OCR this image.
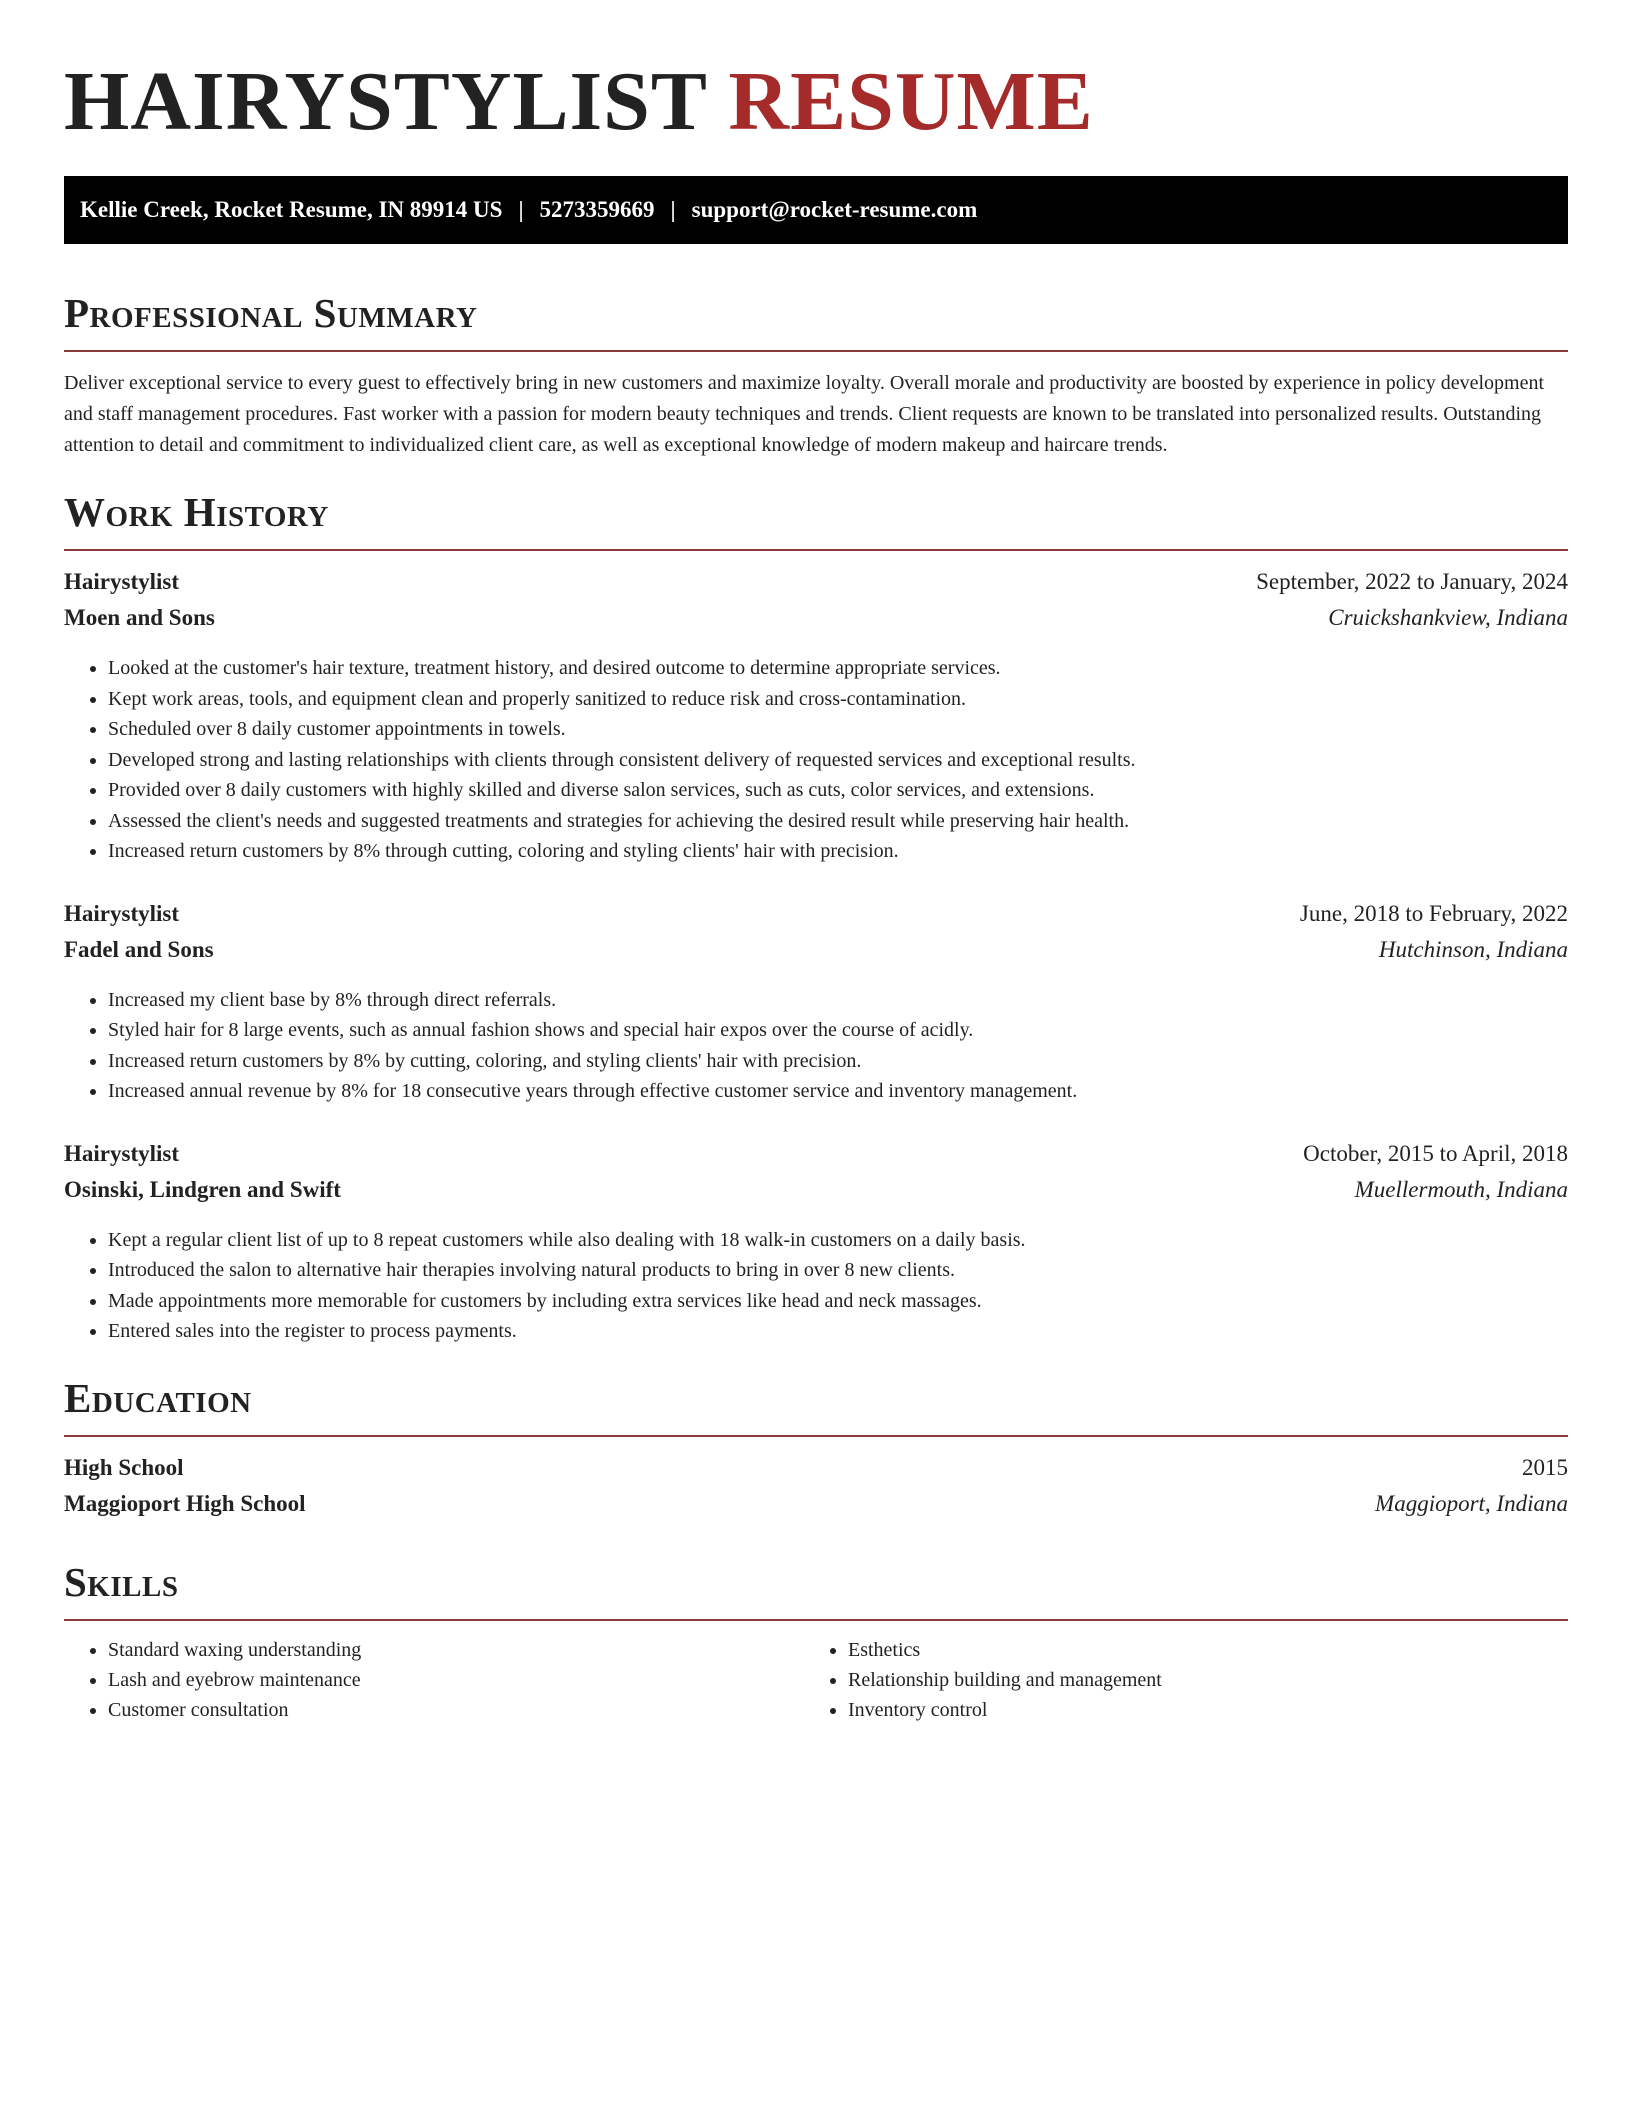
HAIRYSTYLIST RESUME
Kellie Creek, Rocket Resume, IN 89914 US | 5273359669 | support@rocket-resume.com
Professional Summary

Deliver exceptional service to every guest to effectively bring in new customers and maximize loyalty. Overall morale and productivity are boosted by experience in policy development and staff management procedures. Fast worker with a passion for modern beauty techniques and trends. Client requests are known to be translated into personalized results. Outstanding attention to detail and commitment to individualized client care, as well as exceptional knowledge of modern makeup and haircare trends.

Work History
Hairystylist	September, 2022 to January, 2024
Moen and Sons	Cruickshankview, Indiana
• Looked at the customer's hair texture, treatment history, and desired outcome to determine appropriate services.
• Kept work areas, tools, and equipment clean and properly sanitized to reduce risk and cross-contamination.
• Scheduled over 8 daily customer appointments in towels.
• Developed strong and lasting relationships with clients through consistent delivery of requested services and exceptional results.
• Provided over 8 daily customers with highly skilled and diverse salon services, such as cuts, color services, and extensions.
• Assessed the client's needs and suggested treatments and strategies for achieving the desired result while preserving hair health.
• Increased return customers by 8% through cutting, coloring and styling clients' hair with precision.
Hairystylist	June, 2018 to February, 2022
Fadel and Sons	Hutchinson, Indiana
• Increased my client base by 8% through direct referrals.
• Styled hair for 8 large events, such as annual fashion shows and special hair expos over the course of acidly.
• Increased return customers by 8% by cutting, coloring, and styling clients' hair with precision.
• Increased annual revenue by 8% for 18 consecutive years through effective customer service and inventory management.
Hairystylist	October, 2015 to April, 2018
Osinski, Lindgren and Swift	Muellermouth, Indiana
• Kept a regular client list of up to 8 repeat customers while also dealing with 18 walk-in customers on a daily basis.
• Introduced the salon to alternative hair therapies involving natural products to bring in over 8 new clients.
• Made appointments more memorable for customers by including extra services like head and neck massages.
• Entered sales into the register to process payments.
Education
High School	2015
Maggioport High School	Maggioport, Indiana
Skills
• Standard waxing understanding
• Lash and eyebrow maintenance
• Customer consultation
• Esthetics
• Relationship building and management
• Inventory control
